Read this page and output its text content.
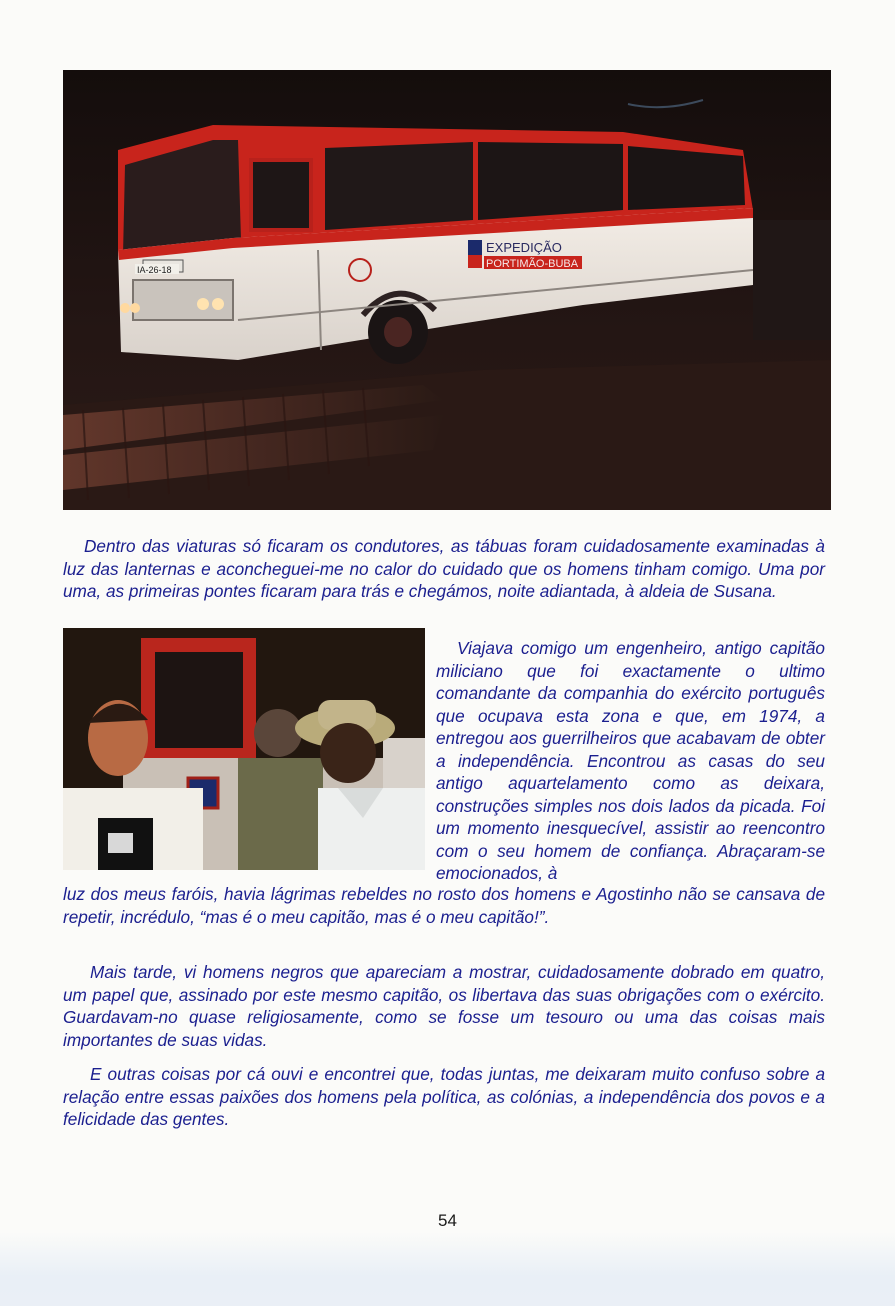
EXPEDIÇÃO
PORTIMÃO-BUBA
IA-26-18

Dentro das viaturas só ficaram os condutores, as tábuas foram cuidadosamente examinadas à luz das lanternas e aconcheguei-me no calor do cuidado que os homens tinham comigo. Uma por uma, as primeiras pontes ficaram para trás e chegámos, noite adiantada, à aldeia de Susana.

Viajava comigo um engenheiro, antigo capitão miliciano que foi exactamente o ultimo comandante da companhia do exército português que ocupava esta zona e que, em 1974, a entregou aos guerrilheiros que acabavam de obter a independência. Encontrou as casas do seu antigo aquartelamento como as deixara, construções simples nos dois lados da picada. Foi um momento inesquecível, assistir ao reencontro com o seu homem de confiança. Abraçaram-se emocionados, à

luz dos meus faróis, havia lágrimas rebeldes no rosto dos homens e Agostinho não se cansava de repetir, incrédulo, “mas é o meu capitão, mas é o meu capitão!”.

Mais tarde, vi homens negros que apareciam a mostrar, cuidadosamente dobrado em quatro, um papel que, assinado por este mesmo capitão, os libertava das suas obrigações com o exército. Guardavam-no quase religiosamente, como se fosse um tesouro ou uma das coisas mais importantes de suas vidas.

E outras coisas por cá ouvi e encontrei que, todas juntas, me deixaram muito confuso sobre a relação entre essas paixões dos homens pela política, as colónias, a independência dos povos e a felicidade das gentes.

54
